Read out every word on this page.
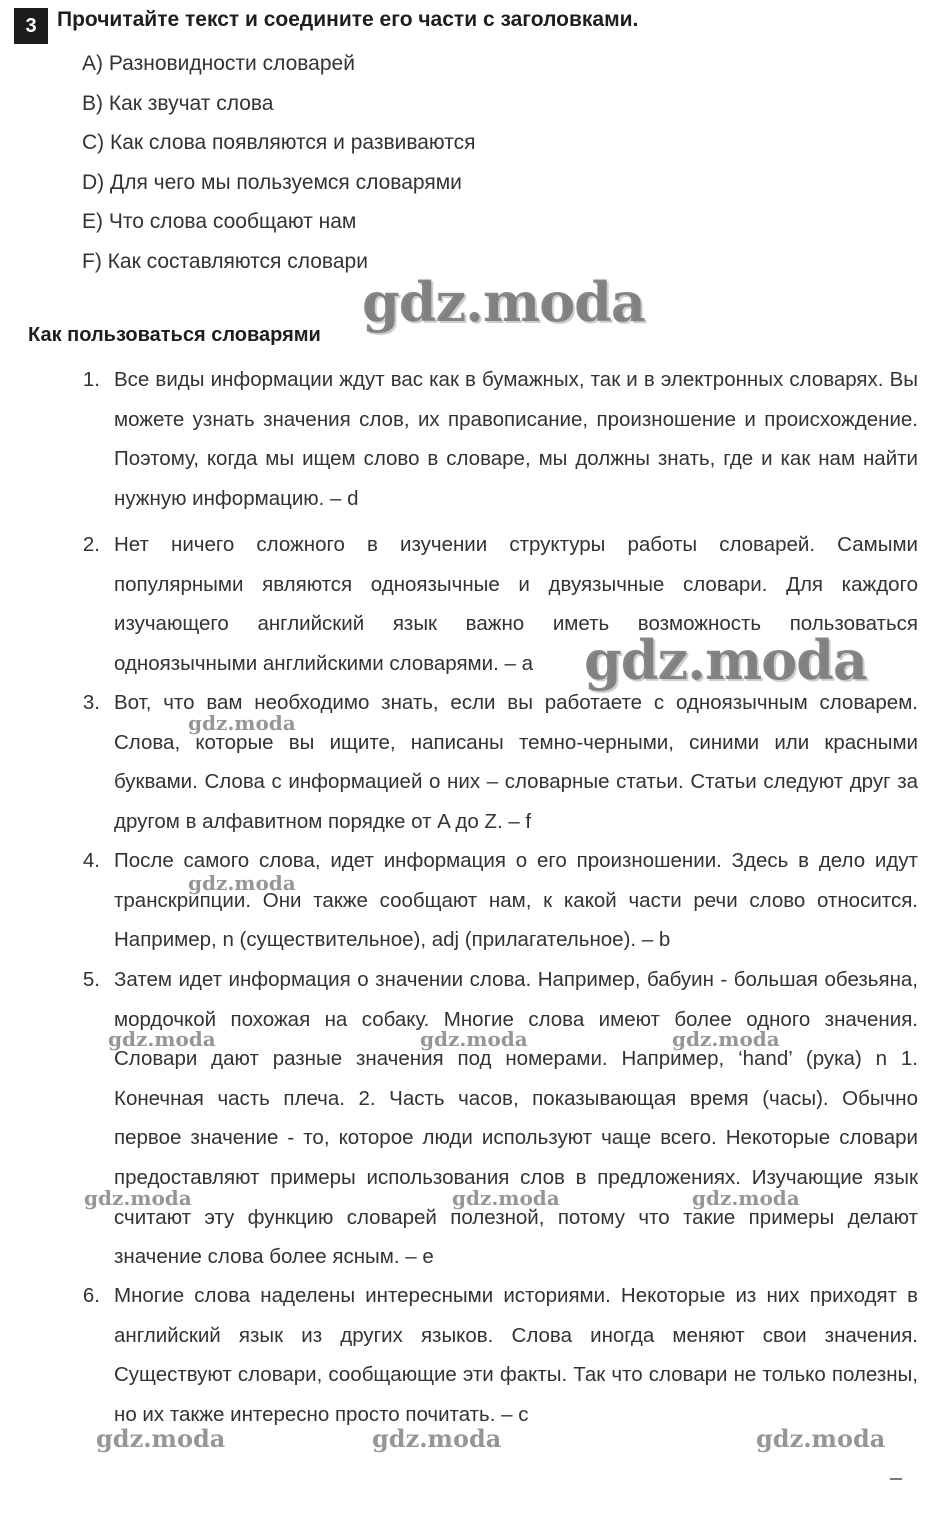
3 Прочитайте текст и соедините его части с заголовками.
A) Разновидности словарей
B) Как звучат слова
C) Как слова появляются и развиваются
D) Для чего мы пользуемся словарями
E) Что слова сообщают нам
F) Как составляются словари
Как пользоваться словарями
1. Все виды информации ждут вас как в бумажных, так и в электронных словарях. Вы можете узнать значения слов, их правописание, произношение и происхождение. Поэтому, когда мы ищем слово в словаре, мы должны знать, где и как нам найти нужную информацию. – d

2. Нет ничего сложного в изучении структуры работы словарей. Самыми популярными являются одноязычные и двуязычные словари. Для каждого изучающего английский язык важно иметь возможность пользоваться одноязычными английскими словарями. – a

3. Вот, что вам необходимо знать, если вы работаете с одноязычным словарем. Слова, которые вы ищите, написаны темно-черными, синими или красными буквами. Слова с информацией о них – словарные статьи. Статьи следуют друг за другом в алфавитном порядке от A до Z. – f

4. После самого слова, идет информация о его произношении. Здесь в дело идут транскрипции. Они также сообщают нам, к какой части речи слово относится. Например, n (существительное), adj (прилагательное). – b

5. Затем идет информация о значении слова. Например, бабуин - большая обезьяна, мордочкой похожая на собаку. Многие слова имеют более одного значения. Словари дают разные значения под номерами. Например, ‘hand’ (рука) n 1. Конечная часть плеча. 2. Часть часов, показывающая время (часы). Обычно первое значение - то, которое люди используют чаще всего. Некоторые словари предоставляют примеры использования слов в предложениях. Изучающие язык считают эту функцию словарей полезной, потому что такие примеры делают значение слова более ясным. – e

6. Многие слова наделены интересными историями. Некоторые из них приходят в английский язык из других языков. Слова иногда меняют свои значения. Существуют словари, сообщающие эти факты. Так что словари не только полезны, но их также интересно просто почитать. – c

gdz.moda
gdz.moda
gdz.moda
gdz.moda
gdz.moda	gdz.moda	gdz.moda
gdz.moda	gdz.moda	gdz.moda
gdz.moda	gdz.moda	gdz.moda
